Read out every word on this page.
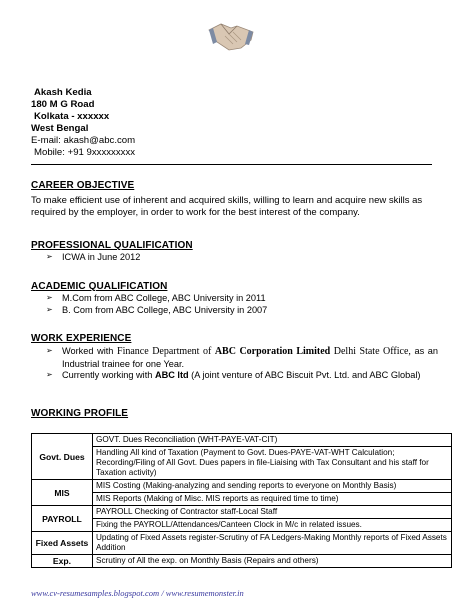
Akash Kedia
180 M G Road
Kolkata - xxxxxx
West Bengal
E-mail: akash@abc.com
Mobile: +91 9xxxxxxxxx
CAREER OBJECTIVE
To make efficient use of inherent and acquired skills, willing to learn and acquire new skills as required by the employer, in order to work for the best interest of the company.
PROFESSIONAL QUALIFICATION
➢ ICWA in June 2012
ACADEMIC QUALIFICATION
➢ M.Com from ABC College, ABC University in 2011
➢ B. Com from ABC College, ABC University in 2007
WORK EXPERIENCE
➢	Worked with Finance Department of ABC Corporation Limited Delhi State Office, as an Industrial trainee for one Year.
➢	Currently working with ABC ltd (A joint venture of ABC Biscuit Pvt. Ltd. and ABC Global)
WORKING PROFILE
Govt. Dues	GOVT. Dues Reconciliation (WHT-PAYE-VAT-CIT)
	Handling All kind of Taxation (Payment to Govt. Dues-PAYE-VAT-WHT Calculation; Recording/Filing of All Govt. Dues papers in file-Liaising with Tax Consultant and his staff for Taxation activity)
MIS	MIS Costing (Making-analyzing and sending reports to everyone on Monthly Basis)
	MIS Reports (Making of Misc. MIS reports as required time to time)
PAYROLL	PAYROLL Checking of Contractor staff-Local Staff
	Fixing the PAYROLL/Attendances/Canteen Clock in M/c in related issues.
Fixed Assets	Updating of Fixed Assets register-Scrutiny of FA Ledgers-Making Monthly reports of Fixed Assets Addition
Exp.	Scrutiny of All the exp. on Monthly Basis (Repairs and others)
www.cv-resumesamples.blogspot.com / www.resumemonster.in
